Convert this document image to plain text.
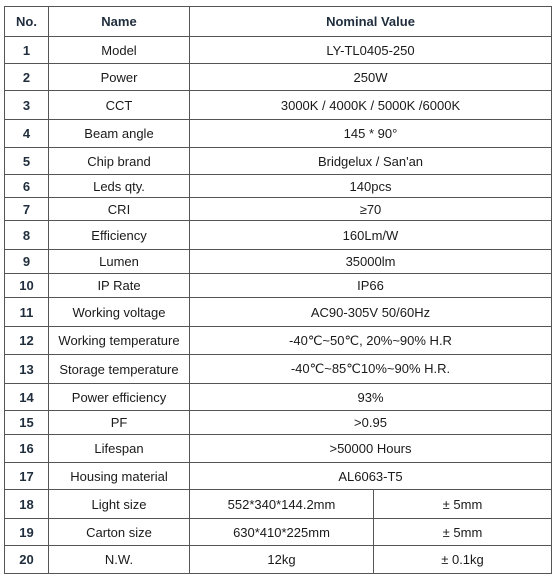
No.	Name	Nominal Value	
1	Model	LY-TL0405-250	
2	Power	250W	
3	CCT	3000K / 4000K / 5000K /6000K	
4	Beam angle	145 * 90°	
5	Chip brand	Bridgelux / San'an	
6	Leds qty.	140pcs	
7	CRI	≥70	
8	Efficiency	160Lm/W	
9	Lumen	35000lm	
10	IP Rate	IP66	
11	Working voltage	AC90-305V 50/60Hz	
12	Working temperature	-40℃~50℃, 20%~90% H.R	
13	Storage temperature	-40℃~85℃10%~90% H.R.	
14	Power efficiency	93%	
15	PF	>0.95	
16	Lifespan	>50000 Hours	
17	Housing material	AL6063-T5	
18	Light size	552*340*144.2mm	± 5mm
19	Carton size	630*410*225mm	± 5mm
20	N.W.	12kg	± 0.1kg
